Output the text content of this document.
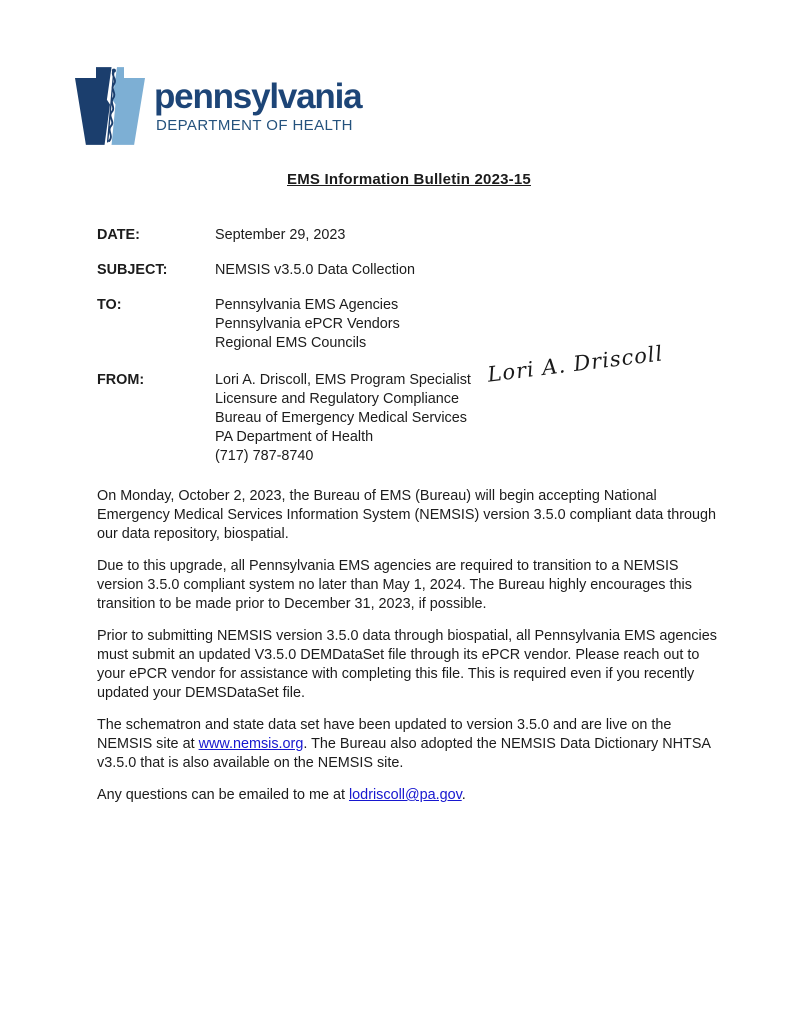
pennsylvania
DEPARTMENT OF HEALTH
EMS Information Bulletin 2023-15
DATE:	September 29, 2023
SUBJECT:	NEMSIS v3.5.0 Data Collection
TO:	Pennsylvania EMS Agencies
Pennsylvania ePCR Vendors
Regional EMS Councils
FROM:	Lori A. Driscoll, EMS Program Specialist
Licensure and Regulatory Compliance
Bureau of Emergency Medical Services
PA Department of Health
(717) 787-8740
Lori A. Driscoll

On Monday, October 2, 2023, the Bureau of EMS (Bureau) will begin accepting National Emergency Medical Services Information System (NEMSIS) version 3.5.0 compliant data through our data repository, biospatial.

Due to this upgrade, all Pennsylvania EMS agencies are required to transition to a NEMSIS version 3.5.0 compliant system no later than May 1, 2024. The Bureau highly encourages this transition to be made prior to December 31, 2023, if possible.

Prior to submitting NEMSIS version 3.5.0 data through biospatial, all Pennsylvania EMS agencies must submit an updated V3.5.0 DEMDataSet file through its ePCR vendor. Please reach out to your ePCR vendor for assistance with completing this file. This is required even if you recently updated your DEMSDataSet file.

The schematron and state data set have been updated to version 3.5.0 and are live on the NEMSIS site at www.nemsis.org. The Bureau also adopted the NEMSIS Data Dictionary NHTSA v3.5.0 that is also available on the NEMSIS site.

Any questions can be emailed to me at lodriscoll@pa.gov.
